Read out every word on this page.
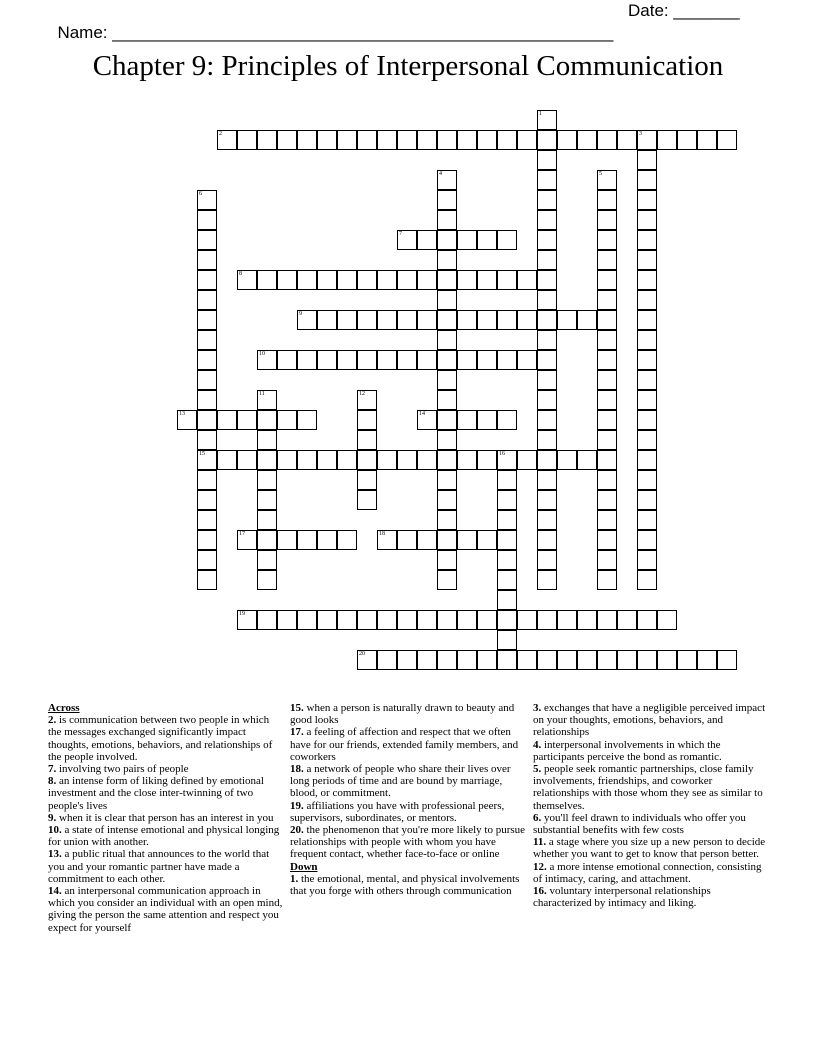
Name: _____________________________________________________

Date: _______

Chapter 9: Principles of Interpersonal Communication
1
2	3
4	5
6
15
7
8
9
10
11	12
13	14
16
17	18
19
20
Across
2. is communication between two people in which the messages exchanged significantly impact thoughts, emotions, behaviors, and relationships of the people involved.
7. involving two pairs of people
8. an intense form of liking defined by emotional investment and the close inter-twinning of two people's lives
9. when it is clear that person has an interest in you
10. a state of intense emotional and physical longing for union with another.
13. a public ritual that announces to the world that you and your romantic partner have made a commitment to each other.
14. an interpersonal communication approach in which you consider an individual with an open mind, giving the person the same attention and respect you expect for yourself
15. when a person is naturally drawn to beauty and good looks
17. a feeling of affection and respect that we often have for our friends, extended family members, and coworkers
18. a network of people who share their lives over long periods of time and are bound by marriage, blood, or commitment.
19. affiliations you have with professional peers, supervisors, subordinates, or mentors.
20. the phenomenon that you're more likely to pursue relationships with people with whom you have frequent contact, whether face-to-face or online
Down
1. the emotional, mental, and physical involvements that you forge with others through communication
3. exchanges that have a negligible perceived impact on your thoughts, emotions, behaviors, and relationships
4. interpersonal involvements in which the participants perceive the bond as romantic.
5. people seek romantic partnerships, close family involvements, friendships, and coworker relationships with those whom they see as similar to themselves.
6. you'll feel drawn to individuals who offer you substantial benefits with few costs
11. a stage where you size up a new person to decide whether you want to get to know that person better.
12. a more intense emotional connection, consisting of intimacy, caring, and attachment.
16. voluntary interpersonal relationships characterized by intimacy and liking.
